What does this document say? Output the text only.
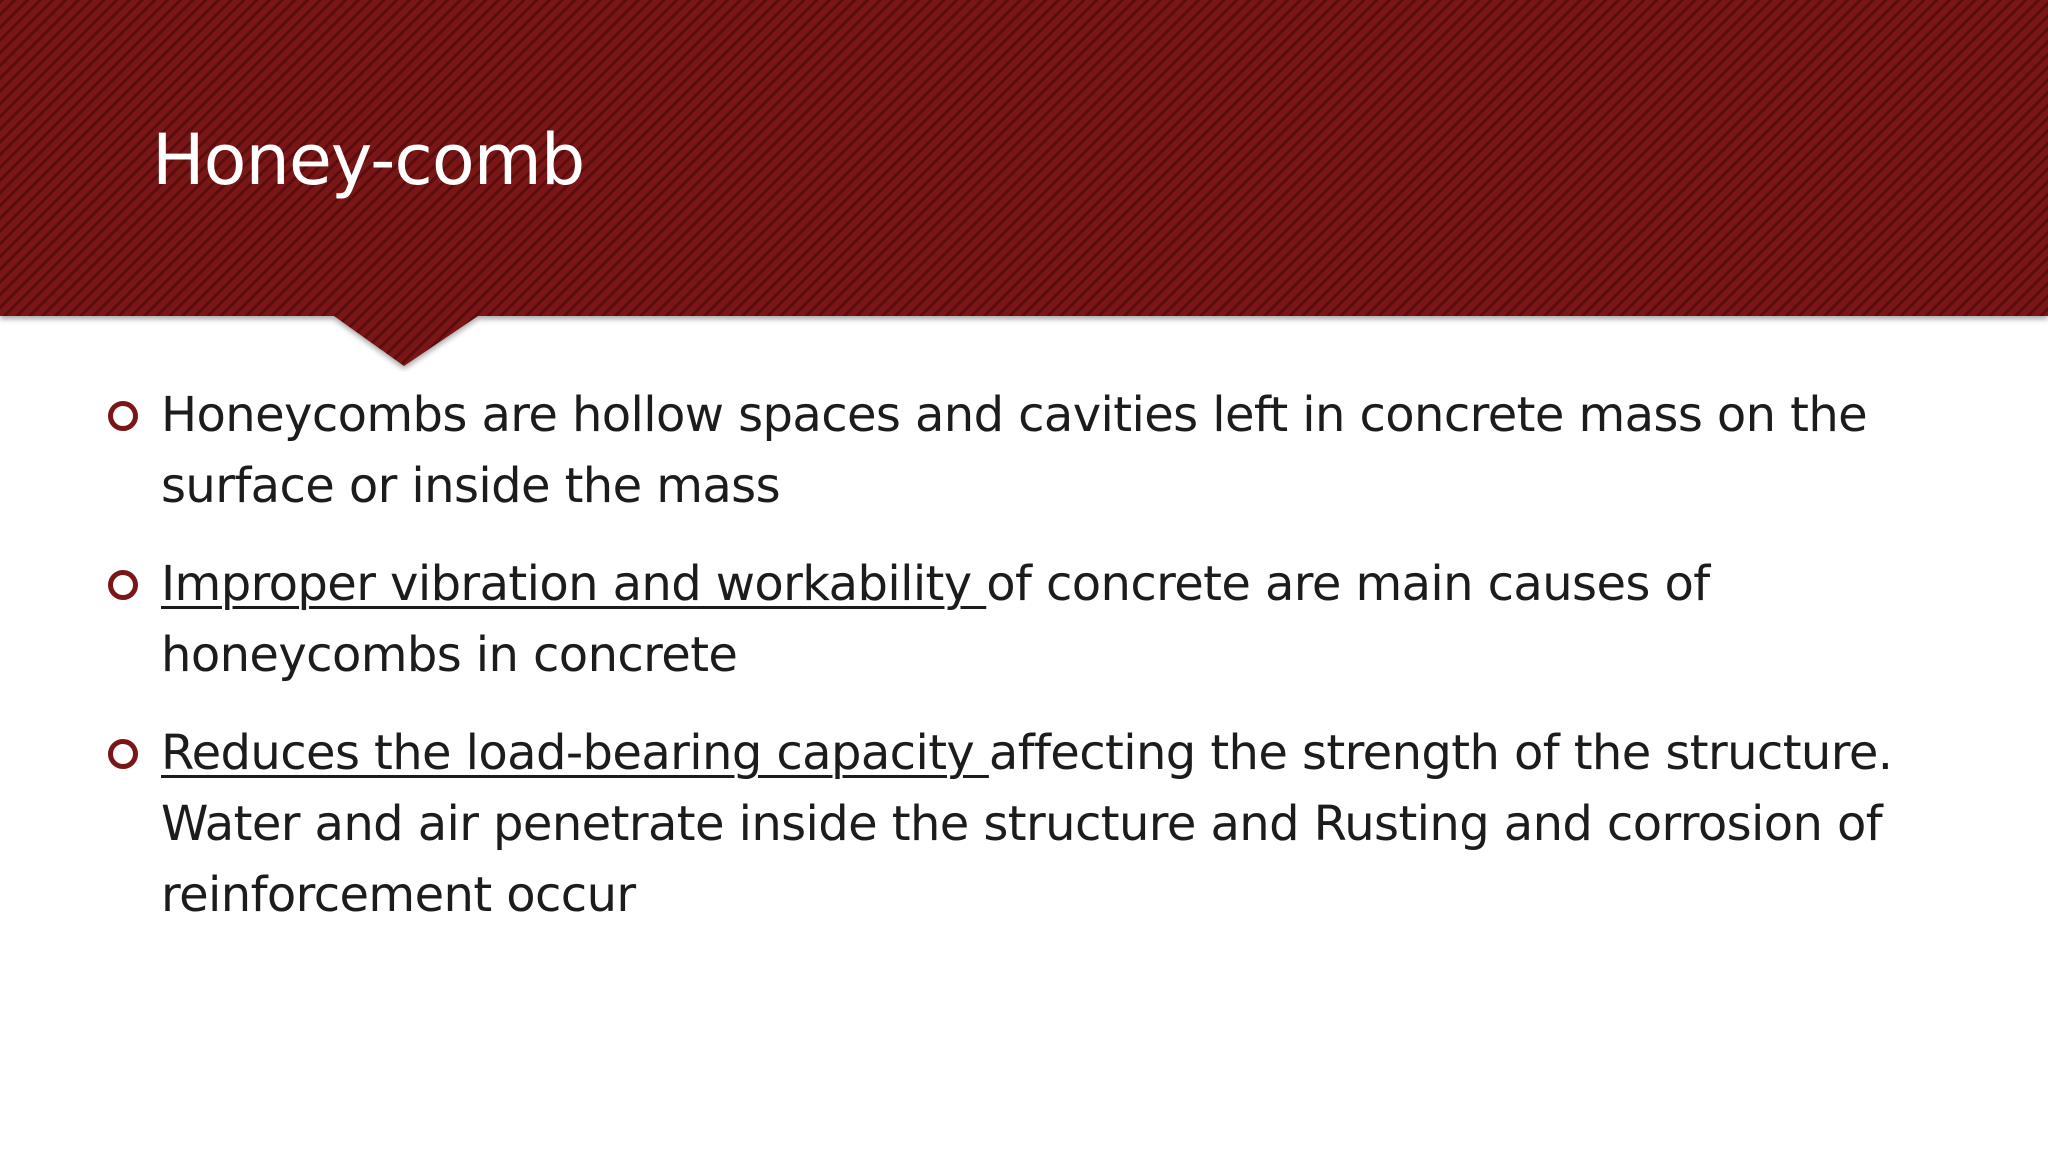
Honey-comb
Honeycombs are hollow spaces and cavities left in concrete mass on the surface or inside the mass
Improper vibration and workability of concrete are main causes of honeycombs in concrete
Reduces the load-bearing capacity affecting the strength of the structure. Water and air penetrate inside the structure and Rusting and corrosion of reinforcement occur
